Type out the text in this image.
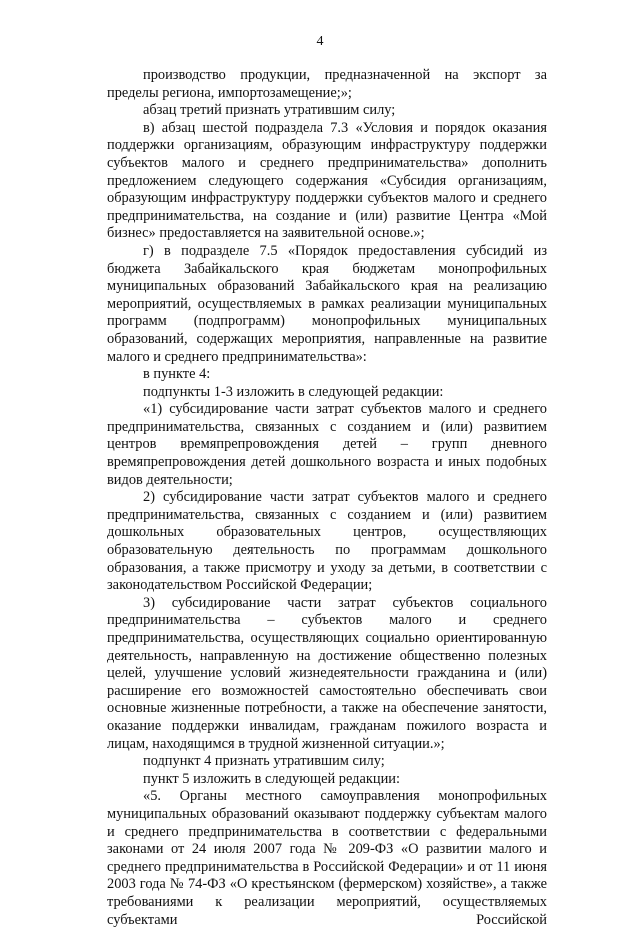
4

производство продукции, предназначенной на экспорт за пределы региона, импортозамещение;»;

абзац третий признать утратившим силу;

в) абзац шестой подраздела 7.3 «Условия и порядок оказания поддержки организациям, образующим инфраструктуру поддержки субъектов малого и среднего предпринимательства» дополнить предложением следующего содержания «Субсидия организациям, образующим инфраструктуру поддержки субъектов малого и среднего предпринимательства, на создание и (или) развитие Центра «Мой бизнес» предоставляется на заявительной основе.»;

г) в подразделе 7.5 «Порядок предоставления субсидий из бюджета Забайкальского края бюджетам монопрофильных муниципальных образований Забайкальского края на реализацию мероприятий, осуществляемых в рамках реализации муниципальных программ (подпрограмм) монопрофильных муниципальных образований, содержащих мероприятия, направленные на развитие малого и среднего предпринимательства»:

в пункте 4:

подпункты 1-3 изложить в следующей редакции:

«1) субсидирование части затрат субъектов малого и среднего предпринимательства, связанных с созданием и (или) развитием центров времяпрепровождения детей – групп дневного времяпрепровождения детей дошкольного возраста и иных подобных видов деятельности;

2) субсидирование части затрат субъектов малого и среднего предпринимательства, связанных с созданием и (или) развитием дошкольных образовательных центров, осуществляющих образовательную деятельность по программам дошкольного образования, а также присмотру и уходу за детьми, в соответствии с законодательством Российской Федерации;

3) субсидирование части затрат субъектов социального предпринимательства – субъектов малого и среднего предпринимательства, осуществляющих социально ориентированную деятельность, направленную на достижение общественно полезных целей, улучшение условий жизнедеятельности гражданина и (или) расширение его возможностей самостоятельно обеспечивать свои основные жизненные потребности, а также на обеспечение занятости, оказание поддержки инвалидам, гражданам пожилого возраста и лицам, находящимся в трудной жизненной ситуации.»;

подпункт 4 признать утратившим силу;

пункт 5 изложить в следующей редакции:

«5. Органы местного самоуправления монопрофильных муниципальных образований оказывают поддержку субъектам малого и среднего предпринимательства в соответствии с федеральными законами от 24 июля 2007 года № 209-ФЗ «О развитии малого и среднего предпринимательства в Российской Федерации» и от 11 июня 2003 года № 74-ФЗ «О крестьянском (фермерском) хозяйстве», а также требованиями к реализации мероприятий, осуществляемых субъектами Российской
